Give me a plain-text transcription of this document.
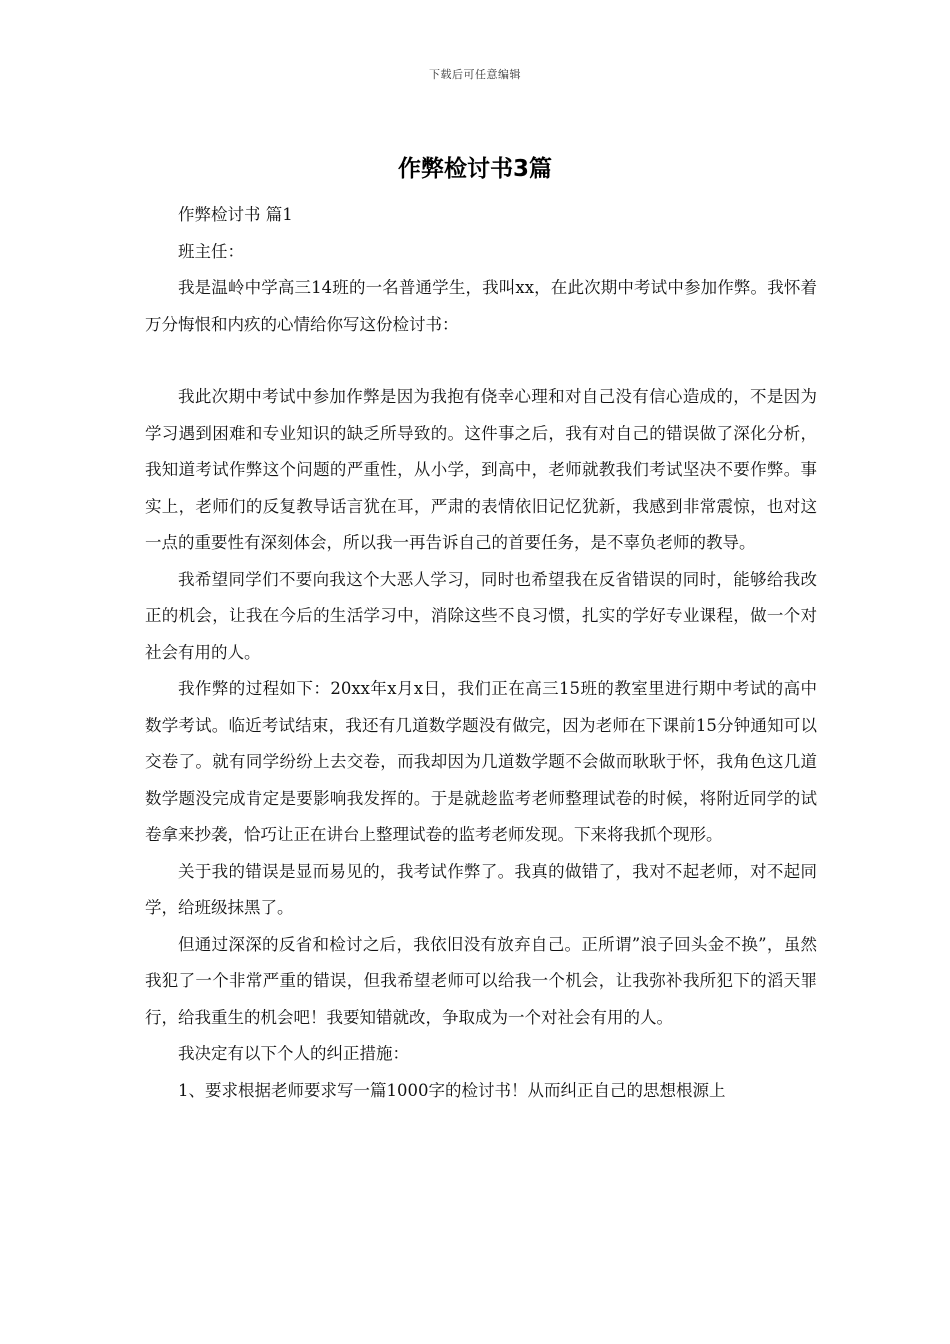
下载后可任意编辑
作弊检讨书3篇

作弊检讨书 篇1

班主任：

我是温岭中学高三14班的一名普通学生，我叫xx，在此次期中考试中参加作弊。我怀着万分悔恨和内疚的心情给你写这份检讨书：

我此次期中考试中参加作弊是因为我抱有侥幸心理和对自己没有信心造成的，不是因为学习遇到困难和专业知识的缺乏所导致的。这件事之后，我有对自己的错误做了深化分析，我知道考试作弊这个问题的严重性，从小学，到高中，老师就教我们考试坚决不要作弊。事实上，老师们的反复教导话言犹在耳，严肃的表情依旧记忆犹新，我感到非常震惊，也对这一点的重要性有深刻体会，所以我一再告诉自己的首要任务，是不辜负老师的教导。

我希望同学们不要向我这个大恶人学习，同时也希望我在反省错误的同时，能够给我改正的机会，让我在今后的生活学习中，消除这些不良习惯，扎实的学好专业课程，做一个对社会有用的人。

我作弊的过程如下：20xx年x月x日，我们正在高三15班的教室里进行期中考试的高中数学考试。临近考试结束，我还有几道数学题没有做完，因为老师在下课前15分钟通知可以交卷了。就有同学纷纷上去交卷，而我却因为几道数学题不会做而耿耿于怀，我角色这几道数学题没完成肯定是要影响我发挥的。于是就趁监考老师整理试卷的时候，将附近同学的试卷拿来抄袭，恰巧让正在讲台上整理试卷的监考老师发现。下来将我抓个现形。

关于我的错误是显而易见的，我考试作弊了。我真的做错了，我对不起老师，对不起同学，给班级抹黑了。

但通过深深的反省和检讨之后，我依旧没有放弃自己。正所谓”浪子回头金不换”，虽然我犯了一个非常严重的错误，但我希望老师可以给我一个机会，让我弥补我所犯下的滔天罪行，给我重生的机会吧！我要知错就改，争取成为一个对社会有用的人。

我决定有以下个人的纠正措施：

1、要求根据老师要求写一篇1000字的检讨书！从而纠正自己的思想根源上
